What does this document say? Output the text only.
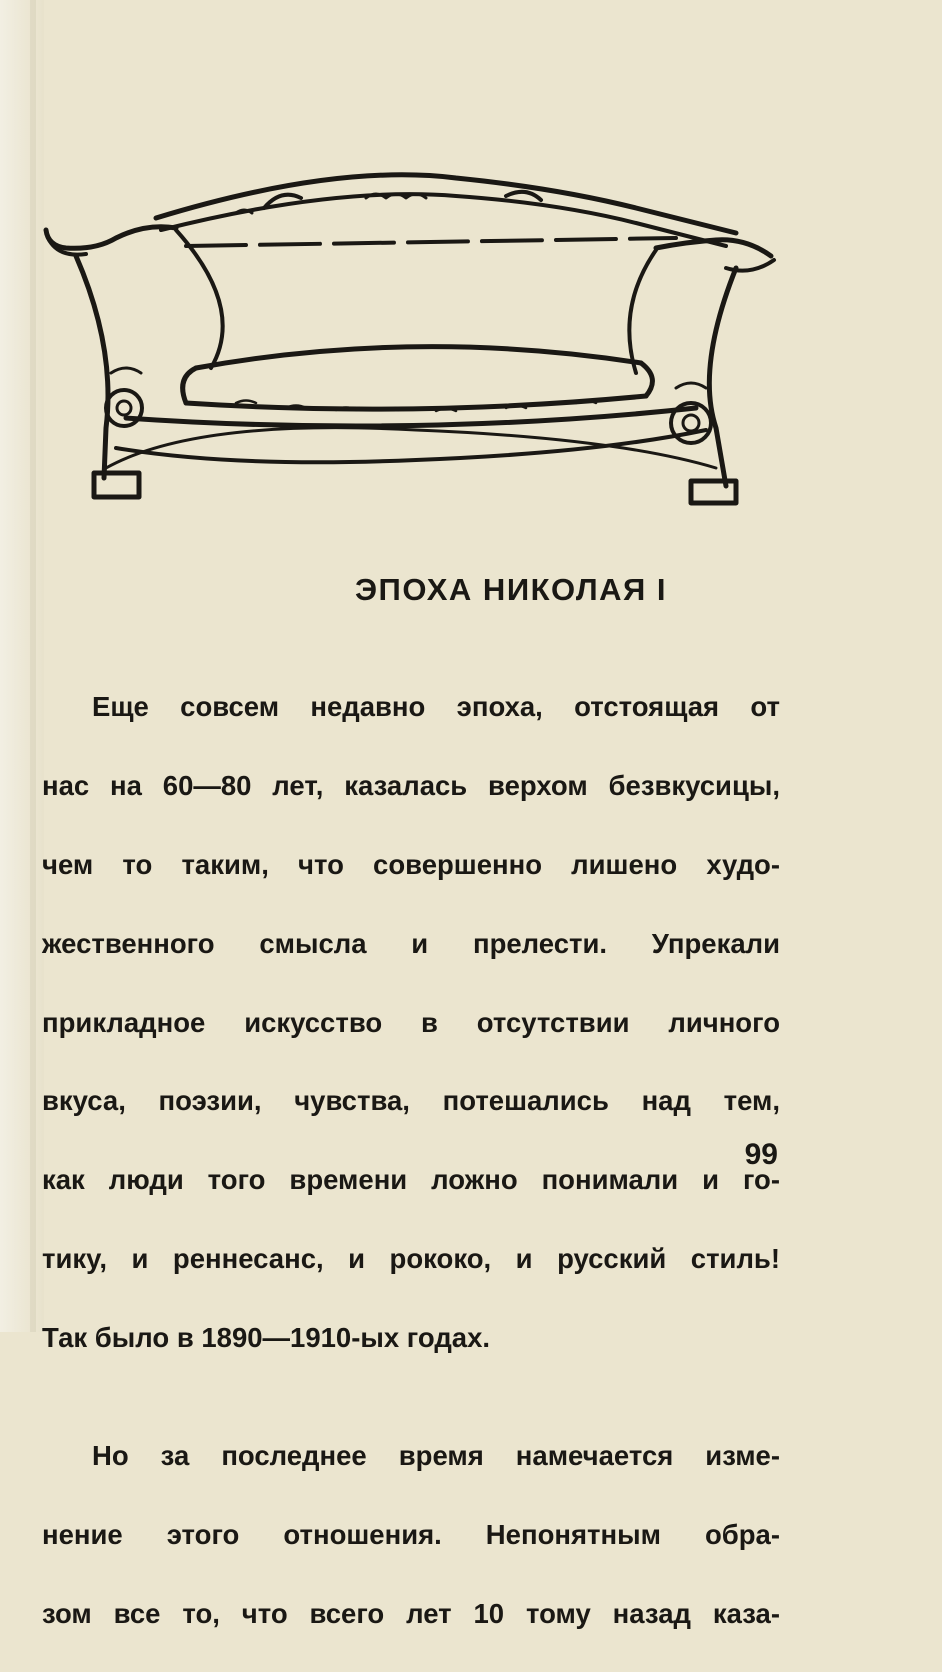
ЭПОХА НИКОЛАЯ I

Еще совсем недавно эпоха, отстоящая от

нас на 60—80 лет, казалась верхом безвкусицы,

чем то таким, что совершенно лишено худо-

жественного смысла и прелести. Упрекали

прикладное искусство в отсутствии личного

вкуса, поэзии, чувства, потешались над тем,

как люди того времени ложно понимали и го-

тику, и реннесанс, и рококо, и русский стиль!

Так было в 1890—1910-ых годах.

Но за последнее время намечается изме-

нение этого отношения. Непонятным обра-

зом все то, что всего лет 10 тому назад каза-

99
